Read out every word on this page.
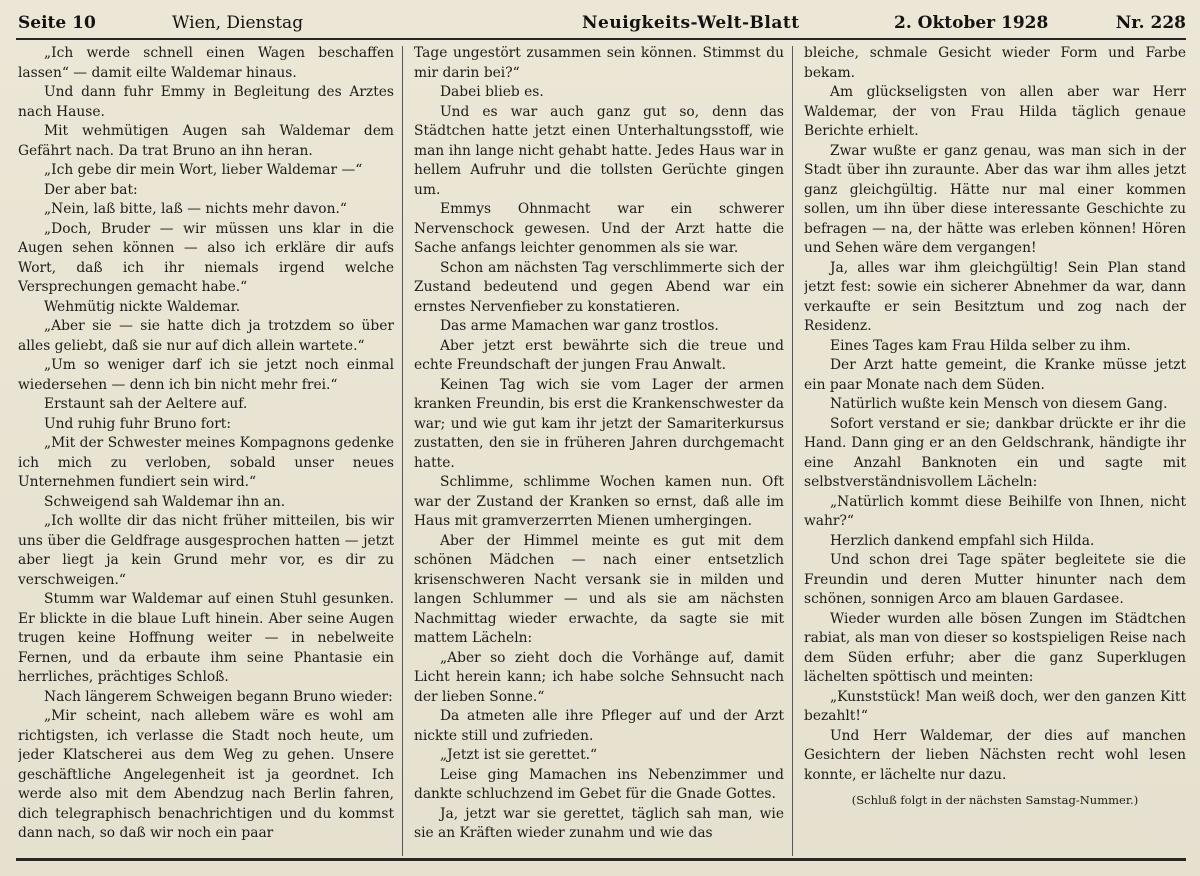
Seite 10	Wien, Dienstag	Neuigkeits-Welt-Blatt	2. Oktober 1928	Nr. 228

„Ich werde schnell einen Wagen beschaffen lassen“ — damit eilte Waldemar hinaus.

Und dann fuhr Emmy in Begleitung des Arztes nach Hause.

Mit wehmütigen Augen sah Waldemar dem Gefährt nach. Da trat Bruno an ihn heran.

„Ich gebe dir mein Wort, lieber Waldemar —“

Der aber bat:

„Nein, laß bitte, laß — nichts mehr davon.“

„Doch, Bruder — wir müssen uns klar in die Augen sehen können — also ich erkläre dir aufs Wort, daß ich ihr niemals irgend welche Versprechungen gemacht habe.“

Wehmütig nickte Waldemar.

„Aber sie — sie hatte dich ja trotzdem so über alles geliebt, daß sie nur auf dich allein wartete.“

„Um so weniger darf ich sie jetzt noch einmal wiedersehen — denn ich bin nicht mehr frei.“

Erstaunt sah der Aeltere auf.

Und ruhig fuhr Bruno fort:

„Mit der Schwester meines Kompagnons gedenke ich mich zu verloben, sobald unser neues Unternehmen fundiert sein wird.“

Schweigend sah Waldemar ihn an.

„Ich wollte dir das nicht früher mitteilen, bis wir uns über die Geldfrage ausgesprochen hatten — jetzt aber liegt ja kein Grund mehr vor, es dir zu verschweigen.“

Stumm war Waldemar auf einen Stuhl gesunken. Er blickte in die blaue Luft hinein. Aber seine Augen trugen keine Hoffnung weiter — in nebelweite Fernen, und da erbaute ihm seine Phantasie ein herrliches, prächtiges Schloß.

Nach längerem Schweigen begann Bruno wieder:

„Mir scheint, nach allebem wäre es wohl am richtigsten, ich verlasse die Stadt noch heute, um jeder Klatscherei aus dem Weg zu gehen. Unsere geschäftliche Angelegenheit ist ja geordnet. Ich werde also mit dem Abendzug nach Berlin fahren, dich telegraphisch benachrichtigen und du kommst dann nach, so daß wir noch ein paar

Tage ungestört zusammen sein können. Stimmst du mir darin bei?“

Dabei blieb es.

Und es war auch ganz gut so, denn das Städtchen hatte jetzt einen Unterhaltungsstoff, wie man ihn lange nicht gehabt hatte. Jedes Haus war in hellem Aufruhr und die tollsten Gerüchte gingen um.

Emmys Ohnmacht war ein schwerer Nervenschock gewesen. Und der Arzt hatte die Sache anfangs leichter genommen als sie war.

Schon am nächsten Tag verschlimmerte sich der Zustand bedeutend und gegen Abend war ein ernstes Nervenfieber zu konstatieren.

Das arme Mamachen war ganz trostlos.

Aber jetzt erst bewährte sich die treue und echte Freundschaft der jungen Frau Anwalt.

Keinen Tag wich sie vom Lager der armen kranken Freundin, bis erst die Krankenschwester da war; und wie gut kam ihr jetzt der Samariterkursus zustatten, den sie in früheren Jahren durchgemacht hatte.

Schlimme, schlimme Wochen kamen nun. Oft war der Zustand der Kranken so ernst, daß alle im Haus mit gramverzerrten Mienen umhergingen.

Aber der Himmel meinte es gut mit dem schönen Mädchen — nach einer entsetzlich krisenschweren Nacht versank sie in milden und langen Schlummer — und als sie am nächsten Nachmittag wieder erwachte, da sagte sie mit mattem Lächeln:

„Aber so zieht doch die Vorhänge auf, damit Licht herein kann; ich habe solche Sehnsucht nach der lieben Sonne.“

Da atmeten alle ihre Pfleger auf und der Arzt nickte still und zufrieden.

„Jetzt ist sie gerettet.“

Leise ging Mamachen ins Nebenzimmer und dankte schluchzend im Gebet für die Gnade Gottes.

Ja, jetzt war sie gerettet, täglich sah man, wie sie an Kräften wieder zunahm und wie das

bleiche, schmale Gesicht wieder Form und Farbe bekam.

Am glückseligsten von allen aber war Herr Waldemar, der von Frau Hilda täglich genaue Berichte erhielt.

Zwar wußte er ganz genau, was man sich in der Stadt über ihn zuraunte. Aber das war ihm alles jetzt ganz gleichgültig. Hätte nur mal einer kommen sollen, um ihn über diese interessante Geschichte zu befragen — na, der hätte was erleben können! Hören und Sehen wäre dem vergangen!

Ja, alles war ihm gleichgültig! Sein Plan stand jetzt fest: sowie ein sicherer Abnehmer da war, dann verkaufte er sein Besitztum und zog nach der Residenz.

Eines Tages kam Frau Hilda selber zu ihm.

Der Arzt hatte gemeint, die Kranke müsse jetzt ein paar Monate nach dem Süden.

Natürlich wußte kein Mensch von diesem Gang.

Sofort verstand er sie; dankbar drückte er ihr die Hand. Dann ging er an den Geldschrank, händigte ihr eine Anzahl Banknoten ein und sagte mit selbstverständnisvollem Lächeln:

„Natürlich kommt diese Beihilfe von Ihnen, nicht wahr?“

Herzlich dankend empfahl sich Hilda.

Und schon drei Tage später begleitete sie die Freundin und deren Mutter hinunter nach dem schönen, sonnigen Arco am blauen Gardasee.

Wieder wurden alle bösen Zungen im Städtchen rabiat, als man von dieser so kostspieligen Reise nach dem Süden erfuhr; aber die ganz Superklugen lächelten spöttisch und meinten:

„Kunststück! Man weiß doch, wer den ganzen Kitt bezahlt!“

Und Herr Waldemar, der dies auf manchen Gesichtern der lieben Nächsten recht wohl lesen konnte, er lächelte nur dazu.

(Schluß folgt in der nächsten Samstag-Nummer.)
